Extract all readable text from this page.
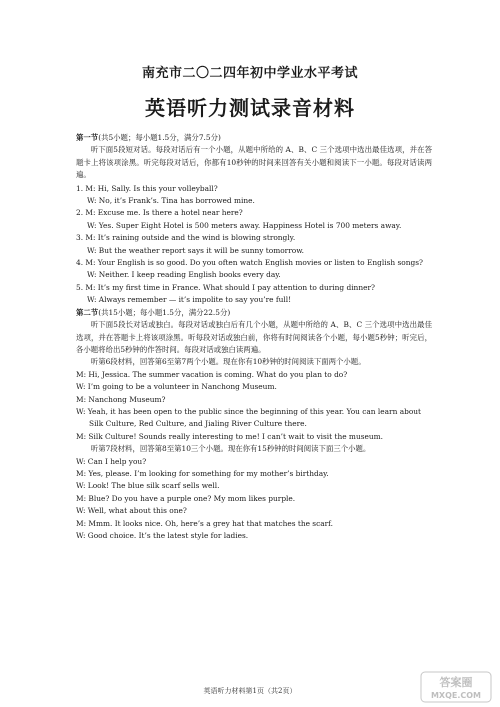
南充市二〇二四年初中学业水平考试
英语听力测试录音材料

第一节(共5小题；每小题1.5分，满分7.5分)

听下面5段短对话。每段对话后有一个小题，从题中所给的 A、B、C 三个选项中选出最佳选项，并在答题卡上将该项涂黑。听完每段对话后，你都有10秒钟的时间来回答有关小题和阅读下一小题。每段对话读两遍。

1. M: Hi, Sally. Is this your volleyball?

W: No, it’s Frank’s. Tina has borrowed mine.

2. M: Excuse me. Is there a hotel near here?

W: Yes. Super Eight Hotel is 500 meters away. Happiness Hotel is 700 meters away.

3. M: It’s raining outside and the wind is blowing strongly.

W: But the weather report says it will be sunny tomorrow.

4. M: Your English is so good. Do you often watch English movies or listen to English songs?

W: Neither. I keep reading English books every day.

5. M: It’s my first time in France. What should I pay attention to during dinner?

W: Always remember — it’s impolite to say you’re full!

第二节(共15小题；每小题1.5分，满分22.5分)

听下面5段长对话或独白。每段对话或独白后有几个小题，从题中所给的 A、B、C 三个选项中选出最佳选项，并在答题卡上将该项涂黑。听每段对话或独白前，你将有时间阅读各个小题，每小题5秒钟；听完后，各小题将给出5秒钟的作答时间。每段对话或独白读两遍。

听第6段材料，回答第6至第7两个小题。现在你有10秒钟的时间阅读下面两个小题。

M: Hi, Jessica. The summer vacation is coming. What do you plan to do?

W: I’m going to be a volunteer in Nanchong Museum.

M: Nanchong Museum?

W: Yeah, it has been open to the public since the beginning of this year. You can learn about Silk Culture, Red Culture, and Jialing River Culture there.

M: Silk Culture! Sounds really interesting to me! I can’t wait to visit the museum.

听第7段材料，回答第8至第10三个小题。现在你有15秒钟的时间阅读下面三个小题。

W: Can I help you?

M: Yes, please. I’m looking for something for my mother’s birthday.

W: Look! The blue silk scarf sells well.

M: Blue? Do you have a purple one? My mom likes purple.

W: Well, what about this one?

M: Mmm. It looks nice. Oh, here’s a grey hat that matches the scarf.

W: Good choice. It’s the latest style for ladies.

英语听力材料第1页（共2页）
答案圈
MXQE.COM
